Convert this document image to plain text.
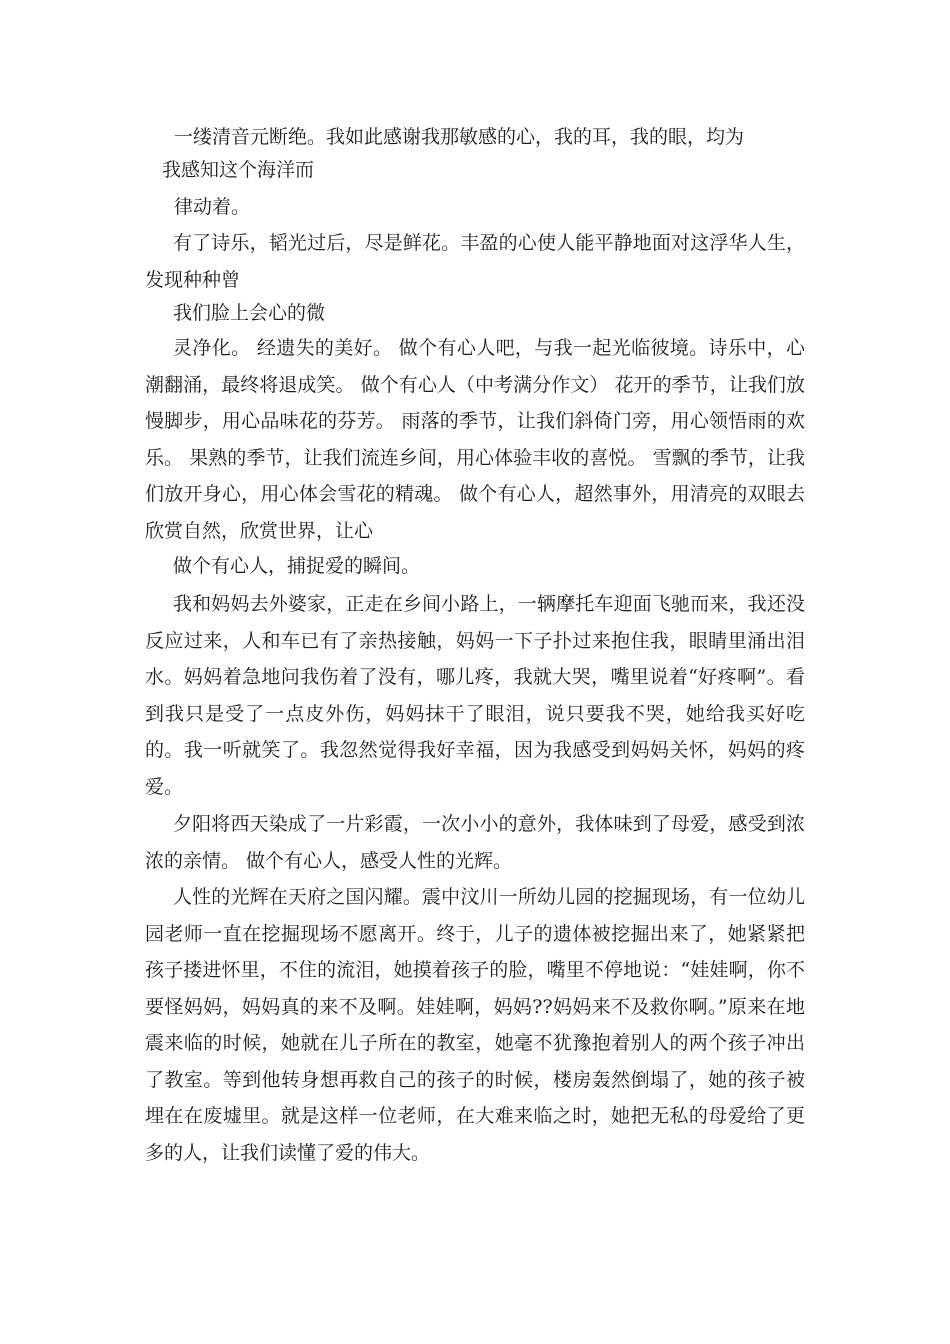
一缕清音元断绝。我如此感谢我那敏感的心，我的耳，我的眼，均为
我感知这个海洋而
律动着。
有了诗乐，韬光过后，尽是鲜花。丰盈的心使人能平静地面对这浮华人生，发现种种曾
我们脸上会心的微
灵净化。 经遗失的美好。 做个有心人吧，与我一起光临彼境。诗乐中，心潮翻涌，最终将退成笑。 做个有心人（中考满分作文） 花开的季节，让我们放慢脚步，用心品味花的芬芳。 雨落的季节，让我们斜倚门旁，用心领悟雨的欢乐。 果熟的季节，让我们流连乡间，用心体验丰收的喜悦。 雪飘的季节，让我们放开身心，用心体会雪花的精魂。 做个有心人，超然事外，用清亮的双眼去欣赏自然，欣赏世界，让心
做个有心人，捕捉爱的瞬间。
我和妈妈去外婆家，正走在乡间小路上，一辆摩托车迎面飞驰而来，我还没反应过来，人和车已有了亲热接触，妈妈一下子扑过来抱住我，眼睛里涌出泪水。妈妈着急地问我伤着了没有，哪儿疼，我就大哭，嘴里说着“好疼啊”。看到我只是受了一点皮外伤，妈妈抹干了眼泪，说只要我不哭，她给我买好吃的。我一听就笑了。我忽然觉得我好幸福，因为我感受到妈妈关怀，妈妈的疼爱。
夕阳将西天染成了一片彩霞，一次小小的意外，我体味到了母爱，感受到浓浓的亲情。 做个有心人，感受人性的光辉。
人性的光辉在天府之国闪耀。震中汶川一所幼儿园的挖掘现场，有一位幼儿园老师一直在挖掘现场不愿离开。终于，儿子的遗体被挖掘出来了，她紧紧把孩子搂进怀里，不住的流泪，她摸着孩子的脸，嘴里不停地说：“娃娃啊，你不要怪妈妈，妈妈真的来不及啊。娃娃啊，妈妈??妈妈来不及救你啊。”原来在地震来临的时候，她就在儿子所在的教室，她毫不犹豫抱着别人的两个孩子冲出了教室。等到他转身想再救自己的孩子的时候，楼房轰然倒塌了，她的孩子被埋在在废墟里。就是这样一位老师，在大难来临之时，她把无私的母爱给了更多的人，让我们读懂了爱的伟大。
